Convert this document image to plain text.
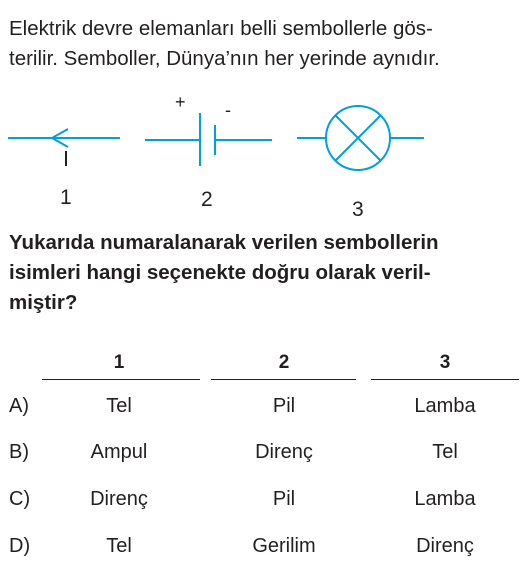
Elektrik devre elemanları belli sembollerle gös-
terilir. Semboller, Dünya’nın her yerinde aynıdır.
+ -
1	2	3
Yukarıda numaralanarak verilen sembollerin
isimleri hangi seçenekte doğru olarak veril-
miştir?
1	2	3
A)	Tel	Pil	Lamba
B)	Ampul	Direnç	Tel
C)	Direnç	Pil	Lamba
D)	Tel	Gerilim	Direnç
